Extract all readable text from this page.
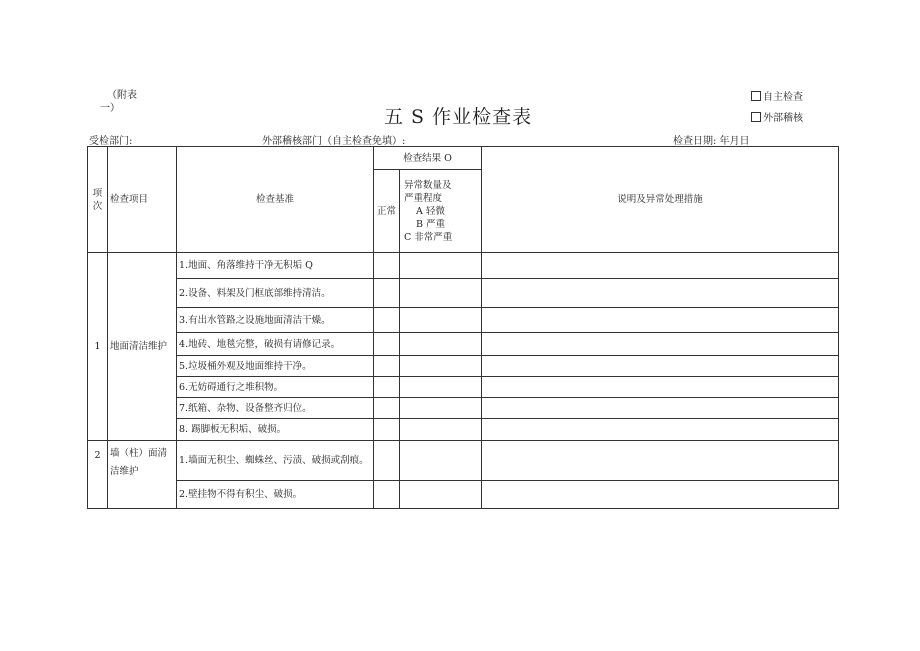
（附表
一）	五 S 作业检查表
自主检查
外部稽核
受检部门:	外部稽核部门（自主检查免填）:	检查日期: 年月日
项次	检查项目	检查基准	检查结果 O		说明及异常处理措施
			正常	异常数量及
严重程度
A 轻微
B 严重
C 非常严重	

1	地面清洁维护	1.地面、角落维持干净无积垢 Q			
		2.设备、料架及门框底部维持清洁。			
		3.有出水管路之设施地面清洁干燥。			
		4.地砖、地毯完整，破损有请修记录。			
		5.垃圾桶外观及地面维持干净。			
		6.无妨碍通行之堆积物。			
		7.纸箱、杂物、设备整齐归位。			
		8. 踢脚板无积垢、破损。			
2	墙（柱）面清洁维护	1.墙面无积尘、蜘蛛丝、污渍、破损或刮痕。			
		2.壁挂物不得有积尘、破损。			
